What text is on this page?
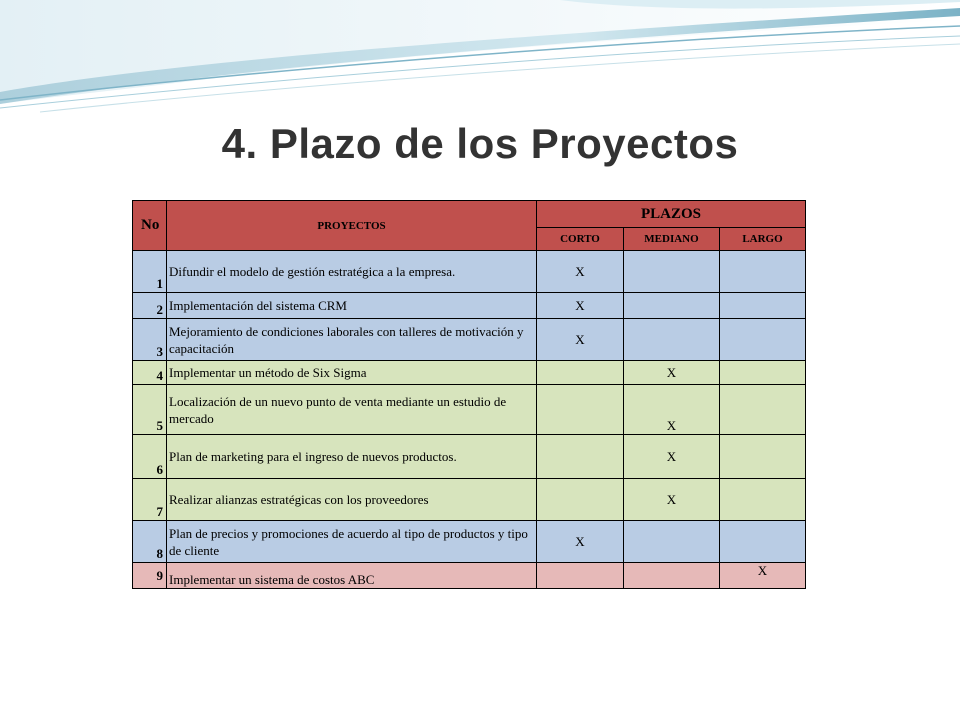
4. Plazo de los Proyectos
No	PROYECTOS	PLAZOS		
		CORTO	MEDIANO	LARGO
1	Difundir el modelo de gestión estratégica a la empresa.	X		
2	Implementación del sistema CRM	X		
3	Mejoramiento de condiciones laborales con talleres de motivación y capacitación	X		
4	Implementar un método de Six Sigma		X	
5	Localización de un nuevo punto de venta mediante un estudio de mercado		X	
6	Plan de marketing para el ingreso de nuevos productos.		X	
7	Realizar alianzas estratégicas con los proveedores		X	
8	Plan de precios y promociones de acuerdo al tipo de productos y tipo de cliente	X		
9	Implementar un sistema de costos ABC			X
